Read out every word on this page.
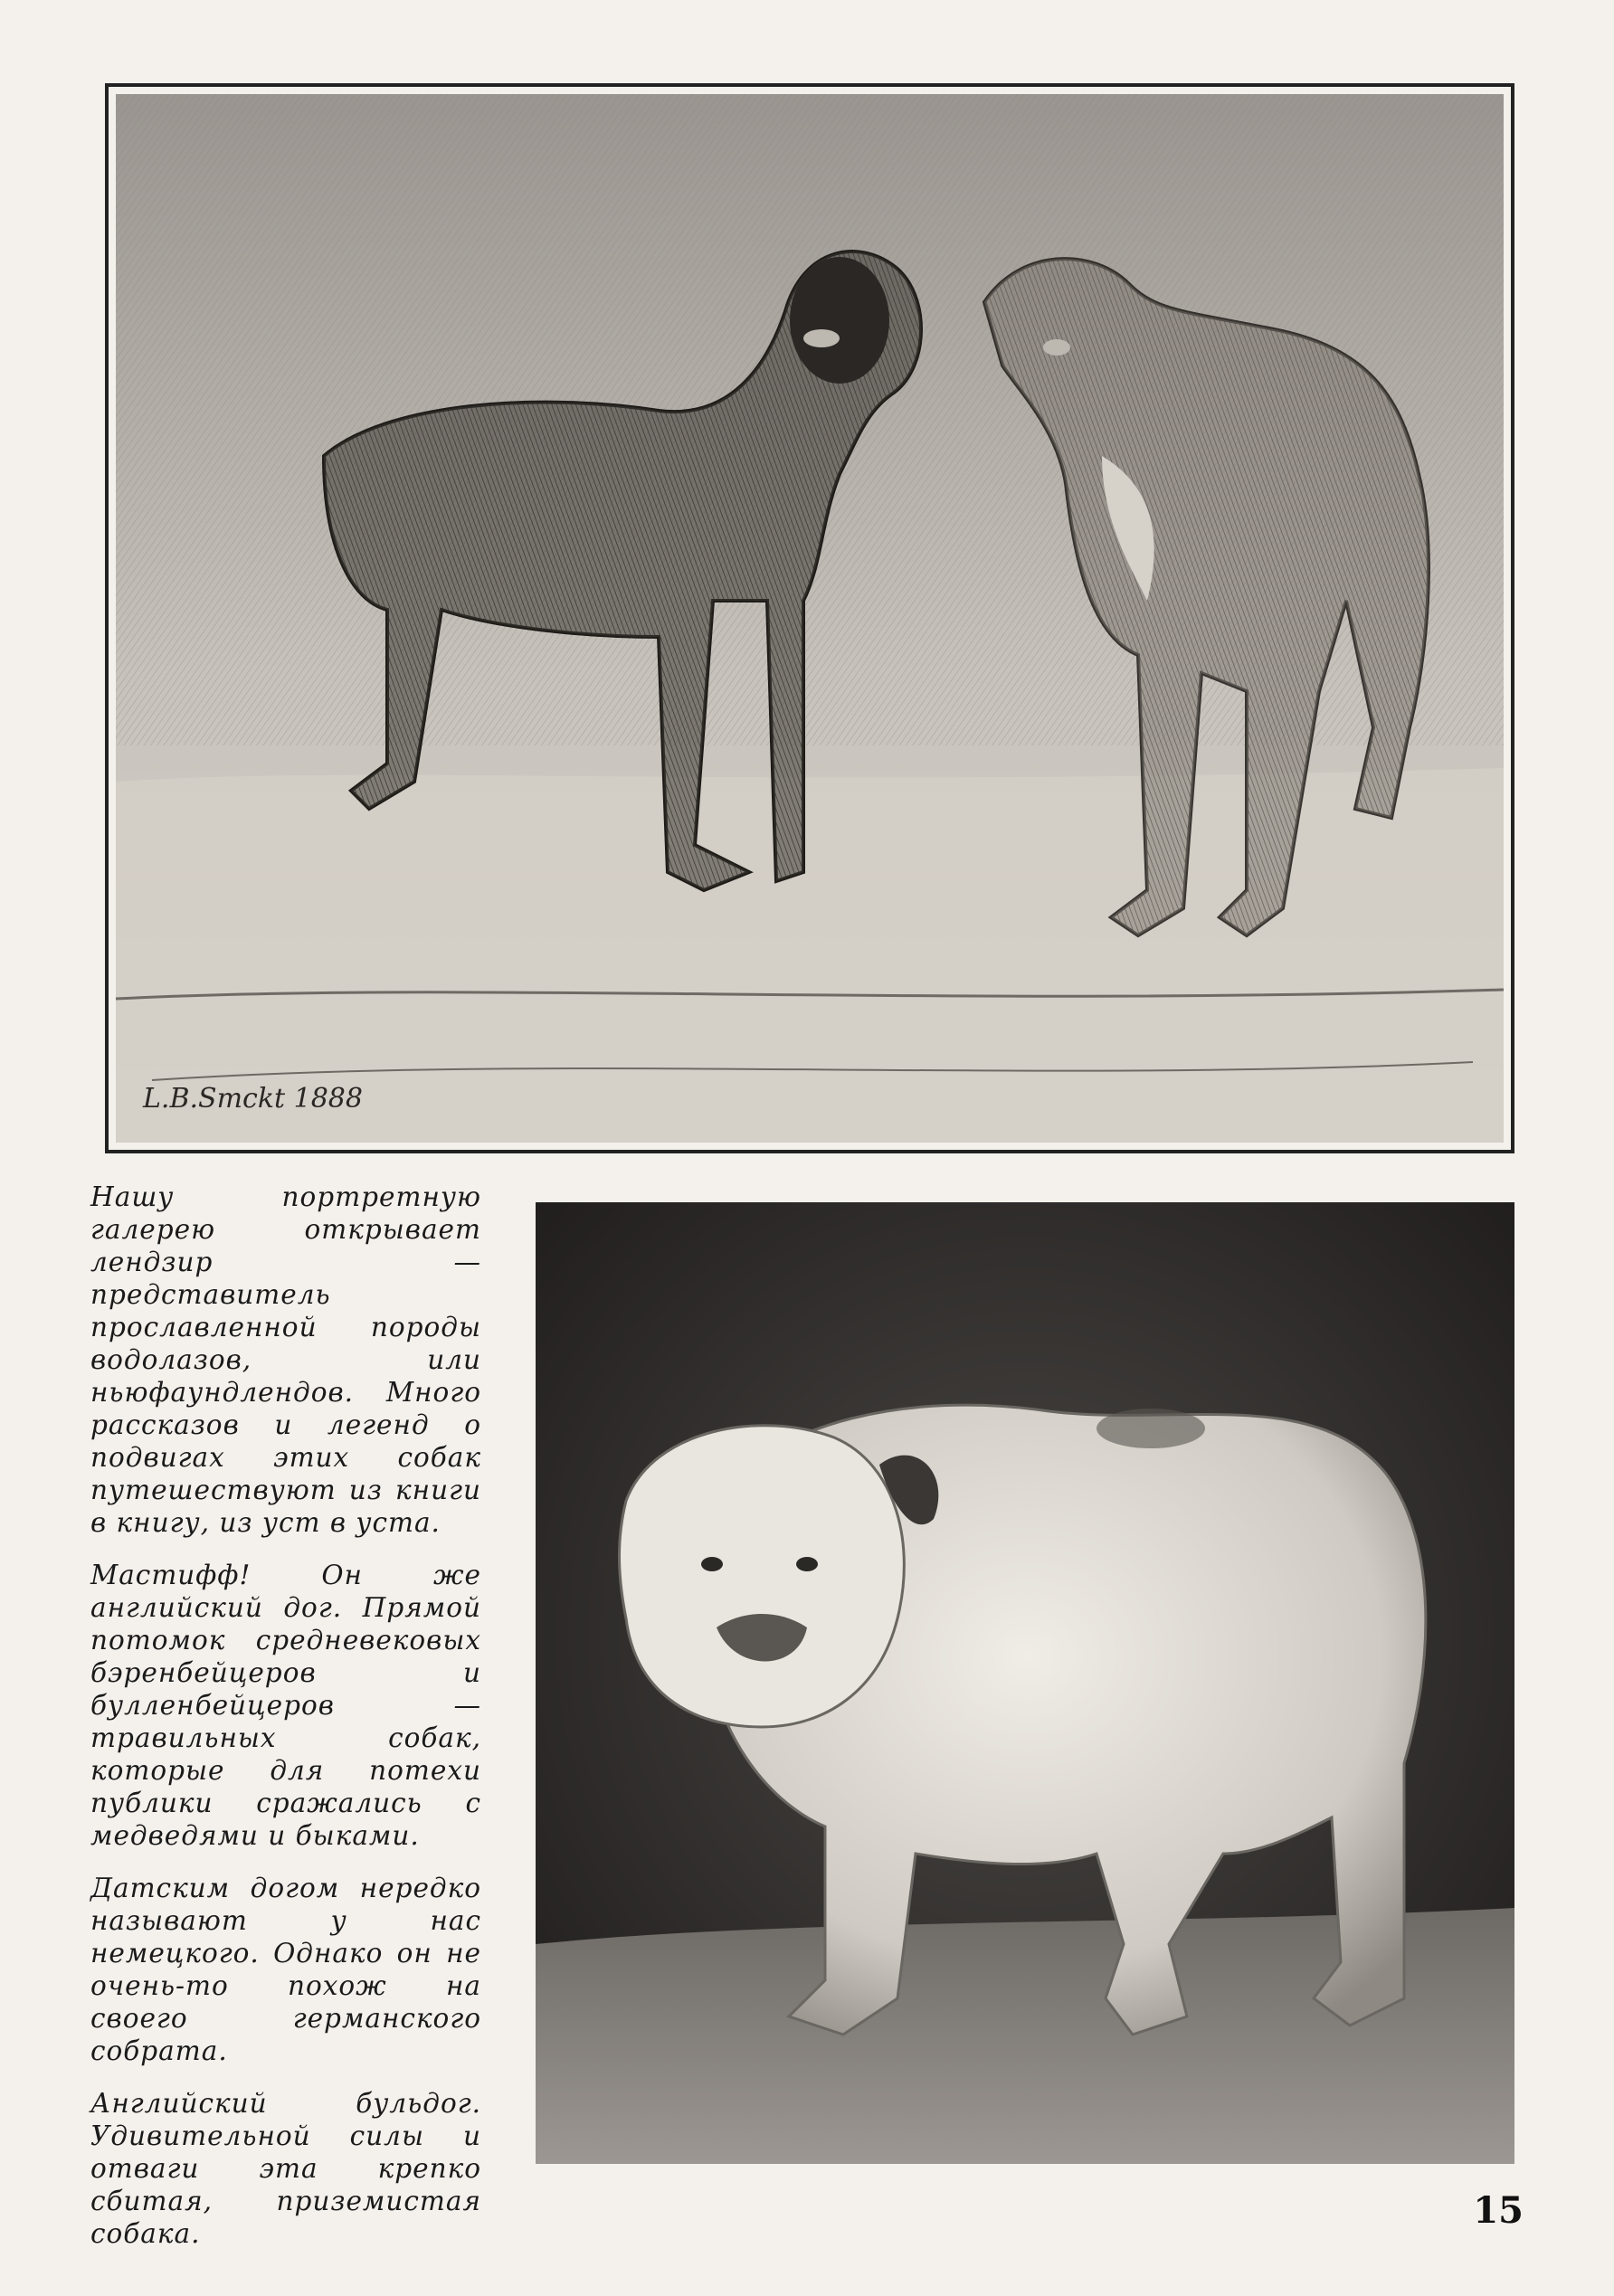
L.B.Smckt 1888

Нашу портретную галерею открывает лендзир — представитель прославленной породы водолазов, или ньюфаундлендов. Много рассказов и легенд о подвигах этих собак путешествуют из книги в книгу, из уст в уста.

Мастифф! Он же английский дог. Прямой потомок средневековых бэренбейцеров и булленбейцеров — травильных собак, которые для потехи публики сражались с медведями и быками.

Датским догом нередко называют у нас немецкого. Однако он не очень-то похож на своего германского собрата.

Английский бульдог. Удивительной силы и отваги эта крепко сбитая, приземистая собака.

15
